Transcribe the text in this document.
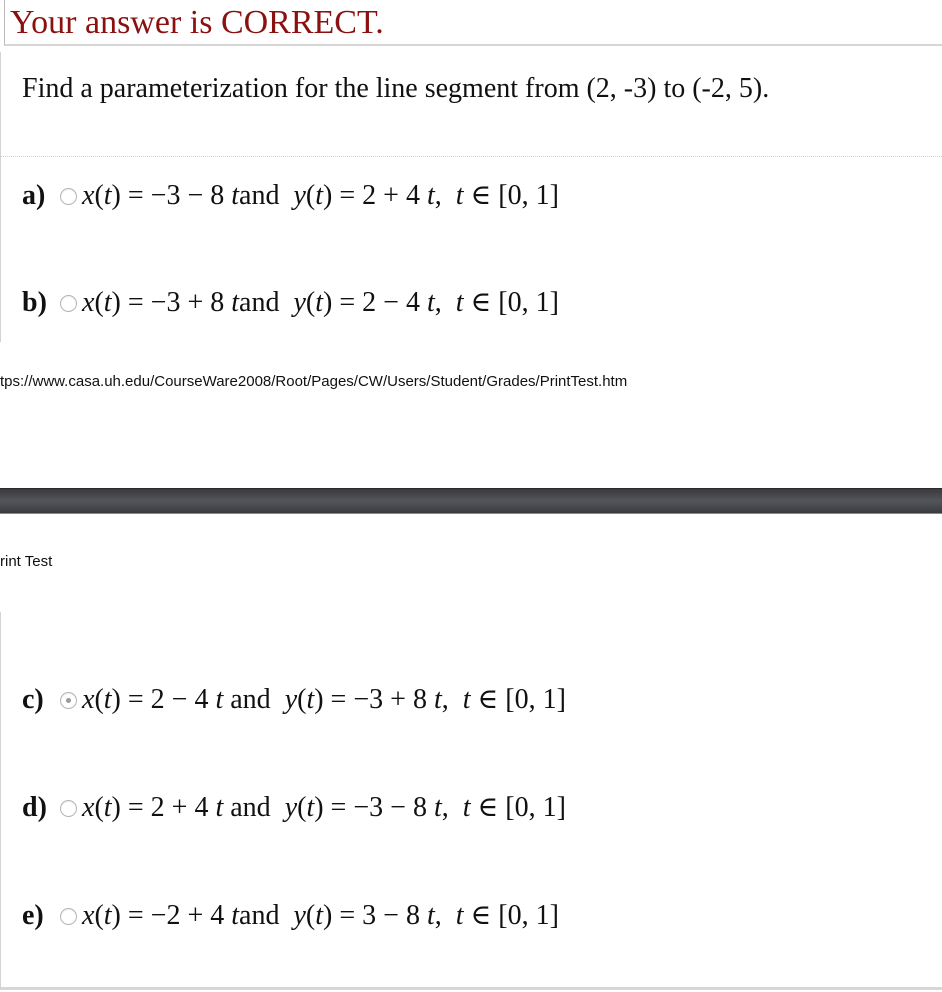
Your answer is CORRECT.
Find a parameterization for the line segment from (2, -3) to (-2, 5).
a)	x(t) = −3 − 8 tand y(t) = 2 + 4 t,  t ∈ [0, 1]
b)	x(t) = −3 + 8 tand y(t) = 2 − 4 t,  t ∈ [0, 1]
tps://www.casa.uh.edu/CourseWare2008/Root/Pages/CW/Users/Student/Grades/PrintTest.htm
rint Test
c)	x(t) = 2 − 4 t and y(t) = −3 + 8 t,  t ∈ [0, 1]
d)	x(t) = 2 + 4 t and y(t) = −3 − 8 t,  t ∈ [0, 1]
e)	x(t) = −2 + 4 tand y(t) = 3 − 8 t,  t ∈ [0, 1]
